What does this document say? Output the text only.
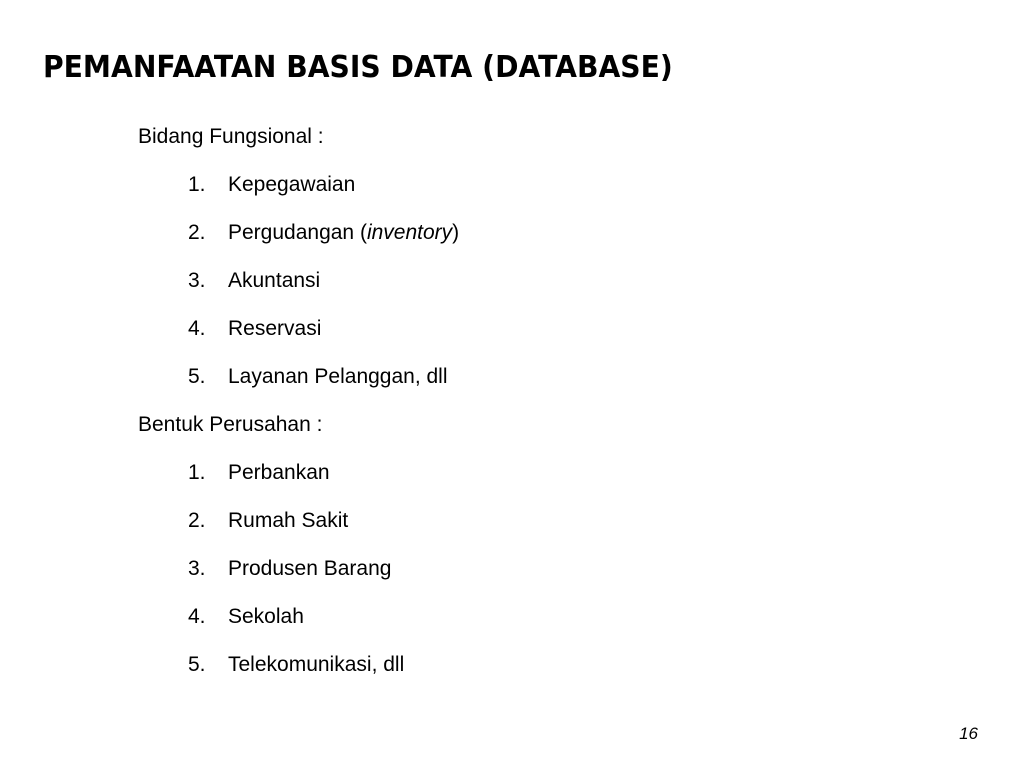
PEMANFAATAN BASIS DATA (DATABASE)
Bidang Fungsional :
1.	Kepegawaian
2.	Pergudangan (inventory)
3.	Akuntansi
4.	Reservasi
5.	Layanan Pelanggan, dll
Bentuk Perusahan :
1.	Perbankan
2.	Rumah Sakit
3.	Produsen Barang
4.	Sekolah
5.	Telekomunikasi, dll
16
